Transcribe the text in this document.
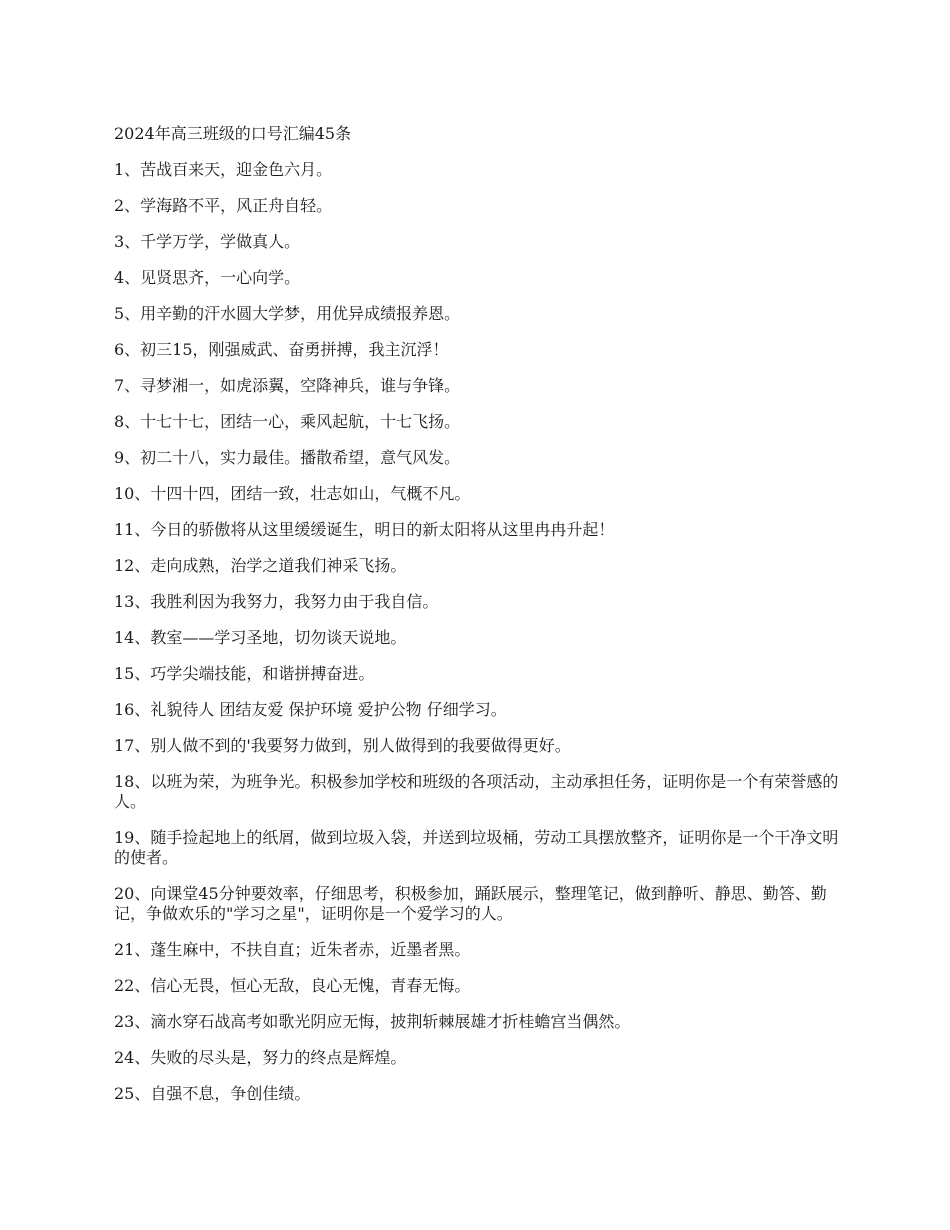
2024年高三班级的口号汇编45条
1、苦战百来天，迎金色六月。
2、学海路不平，风正舟自轻。
3、千学万学，学做真人。
4、见贤思齐，一心向学。
5、用辛勤的汗水圆大学梦，用优异成绩报养恩。
6、初三15，刚强威武、奋勇拼搏，我主沉浮！
7、寻梦湘一，如虎添翼，空降神兵，谁与争锋。
8、十七十七，团结一心，乘风起航，十七飞扬。
9、初二十八，实力最佳。播散希望，意气风发。
10、十四十四，团结一致，壮志如山，气概不凡。
11、今日的骄傲将从这里缓缓诞生，明日的新太阳将从这里冉冉升起！
12、走向成熟，治学之道我们神采飞扬。
13、我胜利因为我努力，我努力由于我自信。
14、教室——学习圣地，切勿谈天说地。
15、巧学尖端技能，和谐拼搏奋进。
16、礼貌待人 团结友爱 保护环境 爱护公物 仔细学习。
17、别人做不到的'我要努力做到，别人做得到的我要做得更好。
18、以班为荣，为班争光。积极参加学校和班级的各项活动，主动承担任务，证明你是一个有荣誉感的人。
19、随手捡起地上的纸屑，做到垃圾入袋，并送到垃圾桶，劳动工具摆放整齐，证明你是一个干净文明的使者。
20、向课堂45分钟要效率，仔细思考，积极参加，踊跃展示，整理笔记，做到静听、静思、勤答、勤记，争做欢乐的"学习之星"，证明你是一个爱学习的人。
21、蓬生麻中，不扶自直；近朱者赤，近墨者黑。
22、信心无畏，恒心无敌，良心无愧，青春无悔。
23、滴水穿石战高考如歌光阴应无悔，披荆斩棘展雄才折桂蟾宫当偶然。
24、失败的尽头是，努力的终点是辉煌。
25、自强不息，争创佳绩。
